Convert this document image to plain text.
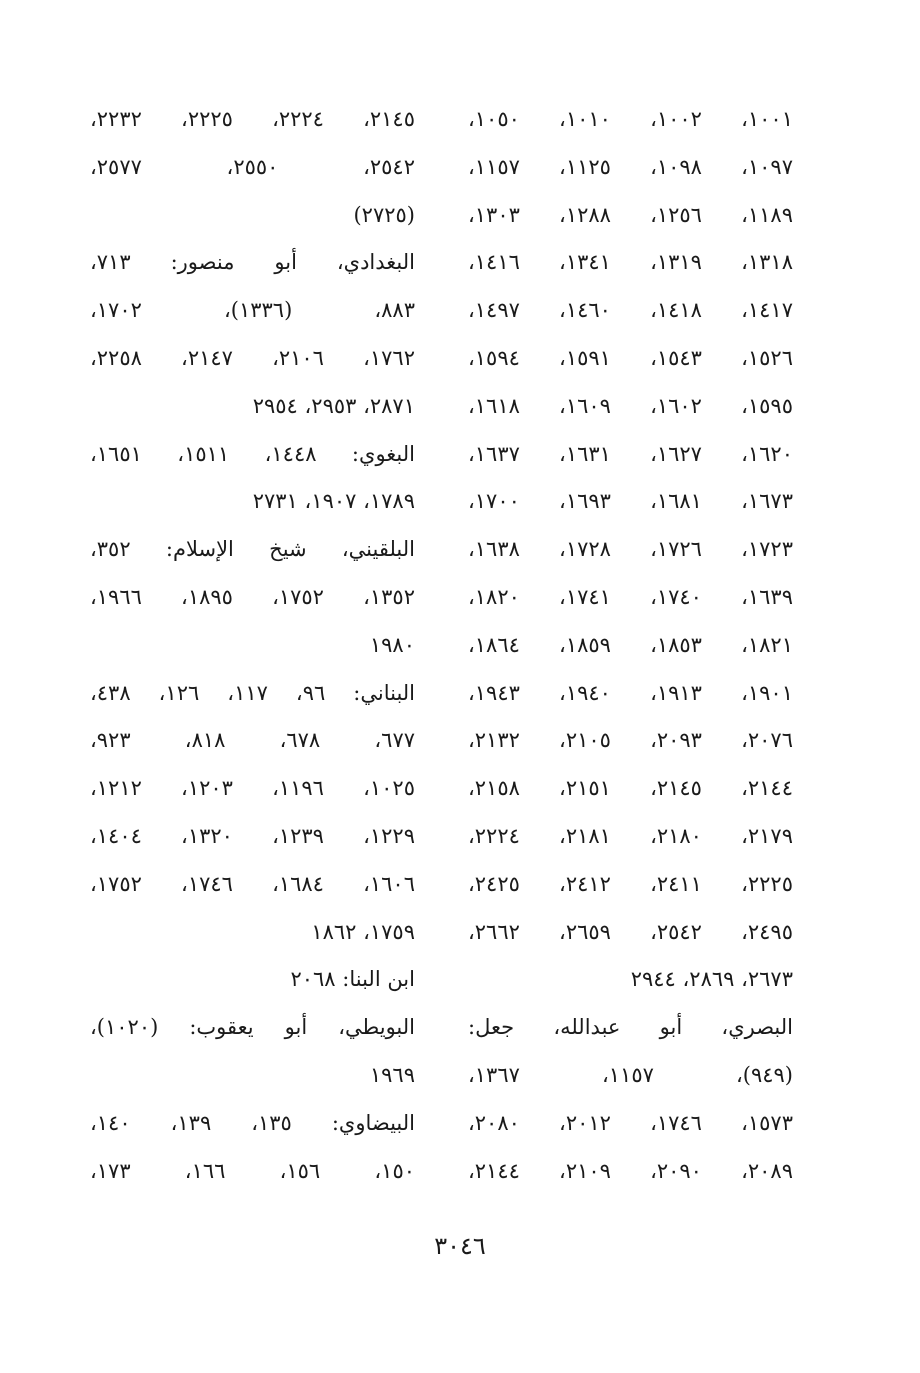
١٠٠١، ١٠٠٢، ١٠١٠، ١٠٥٠،
١٠٩٧، ١٠٩٨، ١١٢٥، ١١٥٧،
١١٨٩، ١٢٥٦، ١٢٨٨، ١٣٠٣،
١٣١٨، ١٣١٩، ١٣٤١، ١٤١٦،
١٤١٧، ١٤١٨، ١٤٦٠، ١٤٩٧،
١٥٢٦، ١٥٤٣، ١٥٩١، ١٥٩٤،
١٥٩٥، ١٦٠٢، ١٦٠٩، ١٦١٨،
١٦٢٠، ١٦٢٧، ١٦٣١، ١٦٣٧،
١٦٧٣، ١٦٨١، ١٦٩٣، ١٧٠٠،
١٧٢٣، ١٧٢٦، ١٧٢٨، ١٦٣٨،
١٦٣٩، ١٧٤٠، ١٧٤١، ١٨٢٠،
١٨٢١، ١٨٥٣، ١٨٥٩، ١٨٦٤،
١٩٠١، ١٩١٣، ١٩٤٠، ١٩٤٣،
٢٠٧٦، ٢٠٩٣، ٢١٠٥، ٢١٣٢،
٢١٤٤، ٢١٤٥، ٢١٥١، ٢١٥٨،
٢١٧٩، ٢١٨٠، ٢١٨١، ٢٢٢٤،
٢٢٢٥، ٢٤١١، ٢٤١٢، ٢٤٢٥،
٢٤٩٥، ٢٥٤٢، ٢٦٥٩، ٢٦٦٢،
٢٦٧٣، ٢٨٦٩، ٢٩٤٤
البصري، أبو عبدالله، جعل:
(٩٤٩)، ١١٥٧، ١٣٦٧،
١٥٧٣، ١٧٤٦، ٢٠١٢، ٢٠٨٠،
٢٠٨٩، ٢٠٩٠، ٢١٠٩، ٢١٤٤،
٢١٤٥، ٢٢٢٤، ٢٢٢٥، ٢٢٣٢،
٢٥٤٢، ٢٥٥٠، ٢٥٧٧،
(٢٧٢٥)
البغدادي، أبو منصور: ٧١٣،
٨٨٣، (١٣٣٦)، ١٧٠٢،
١٧٦٢، ٢١٠٦، ٢١٤٧، ٢٢٥٨،
٢٨٧١، ٢٩٥٣، ٢٩٥٤
البغوي: ١٤٤٨، ١٥١١، ١٦٥١،
١٧٨٩، ١٩٠٧، ٢٧٣١
البلقيني، شيخ الإسلام: ٣٥٢،
١٣٥٢، ١٧٥٢، ١٨٩٥، ١٩٦٦،
١٩٨٠
البناني: ٩٦، ١١٧، ١٢٦، ٤٣٨،
٦٧٧، ٦٧٨، ٨١٨، ٩٢٣،
١٠٢٥، ١١٩٦، ١٢٠٣، ١٢١٢،
١٢٢٩، ١٢٣٩، ١٣٢٠، ١٤٠٤،
١٦٠٦، ١٦٨٤، ١٧٤٦، ١٧٥٢،
١٧٥٩، ١٨٦٢
ابن البنا: ٢٠٦٨
البويطي، أبو يعقوب: (١٠٢٠)،
١٩٦٩
البيضاوي: ١٣٥، ١٣٩، ١٤٠،
١٥٠، ١٥٦، ١٦٦، ١٧٣،
٣٠٤٦
